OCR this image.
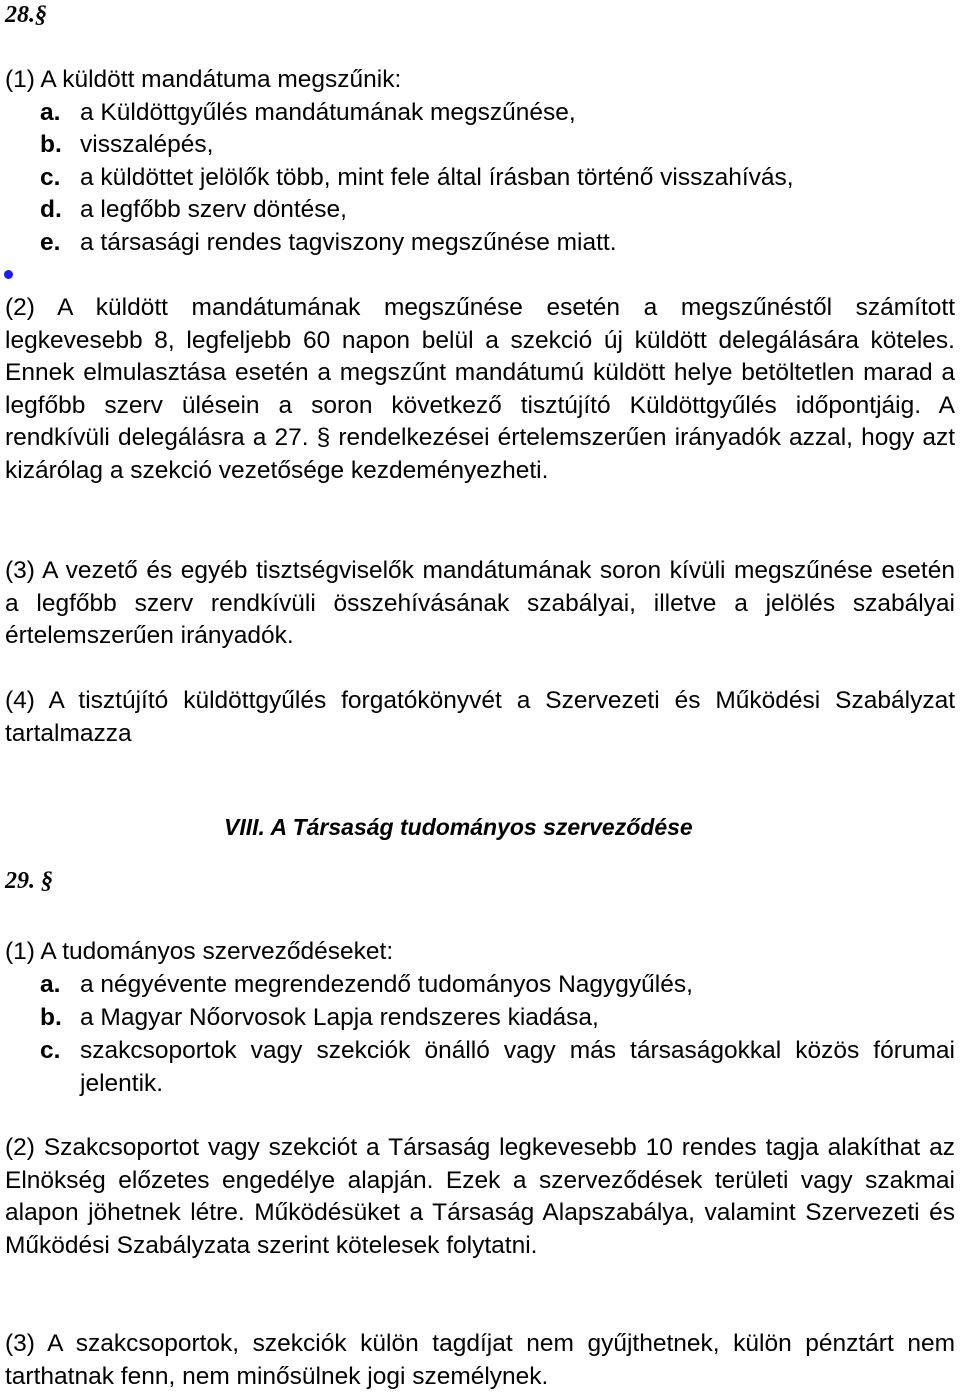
28.§
(1) A küldött mandátuma megszűnik:
a. a Küldöttgyűlés mandátumának megszűnése,
b. visszalépés,
c. a küldöttet jelölők több, mint fele által írásban történő visszahívás,
d. a legfőbb szerv döntése,
e. a társasági rendes tagviszony megszűnése miatt.
(2) A küldött mandátumának megszűnése esetén a megszűnéstől számított legkevesebb 8, legfeljebb 60 napon belül a szekció új küldött delegálására köteles. Ennek elmulasztása esetén a megszűnt mandátumú küldött helye betöltetlen marad a legfőbb szerv ülésein a soron következő tisztújító Küldöttgyűlés időpontjáig. A rendkívüli delegálásra a 27. § rendelkezései értelemszerűen irányadók azzal, hogy azt kizárólag a szekció vezetősége kezdeményezheti.
(3) A vezető és egyéb tisztségviselők mandátumának soron kívüli megszűnése esetén a legfőbb szerv rendkívüli összehívásának szabályai, illetve a jelölés szabályai értelemszerűen irányadók.
(4) A tisztújító küldöttgyűlés forgatókönyvét a Szervezeti és Működési Szabályzat tartalmazza
VIII. A Társaság tudományos szerveződése
29. §
(1) A tudományos szerveződéseket:
a. a négyévente megrendezendő tudományos Nagygyűlés,
b. a Magyar Nőorvosok Lapja rendszeres kiadása,
c. szakcsoportok vagy szekciók önálló vagy más társaságokkal közös fórumai jelentik.
(2) Szakcsoportot vagy szekciót a Társaság legkevesebb 10 rendes tagja alakíthat az Elnökség előzetes engedélye alapján. Ezek a szerveződések területi vagy szakmai alapon jöhetnek létre. Működésüket a Társaság Alapszabálya, valamint Szervezeti és Működési Szabályzata szerint kötelesek folytatni.
(3) A szakcsoportok, szekciók külön tagdíjat nem gyűjthetnek, külön pénztárt nem tarthatnak fenn, nem minősülnek jogi személynek.
